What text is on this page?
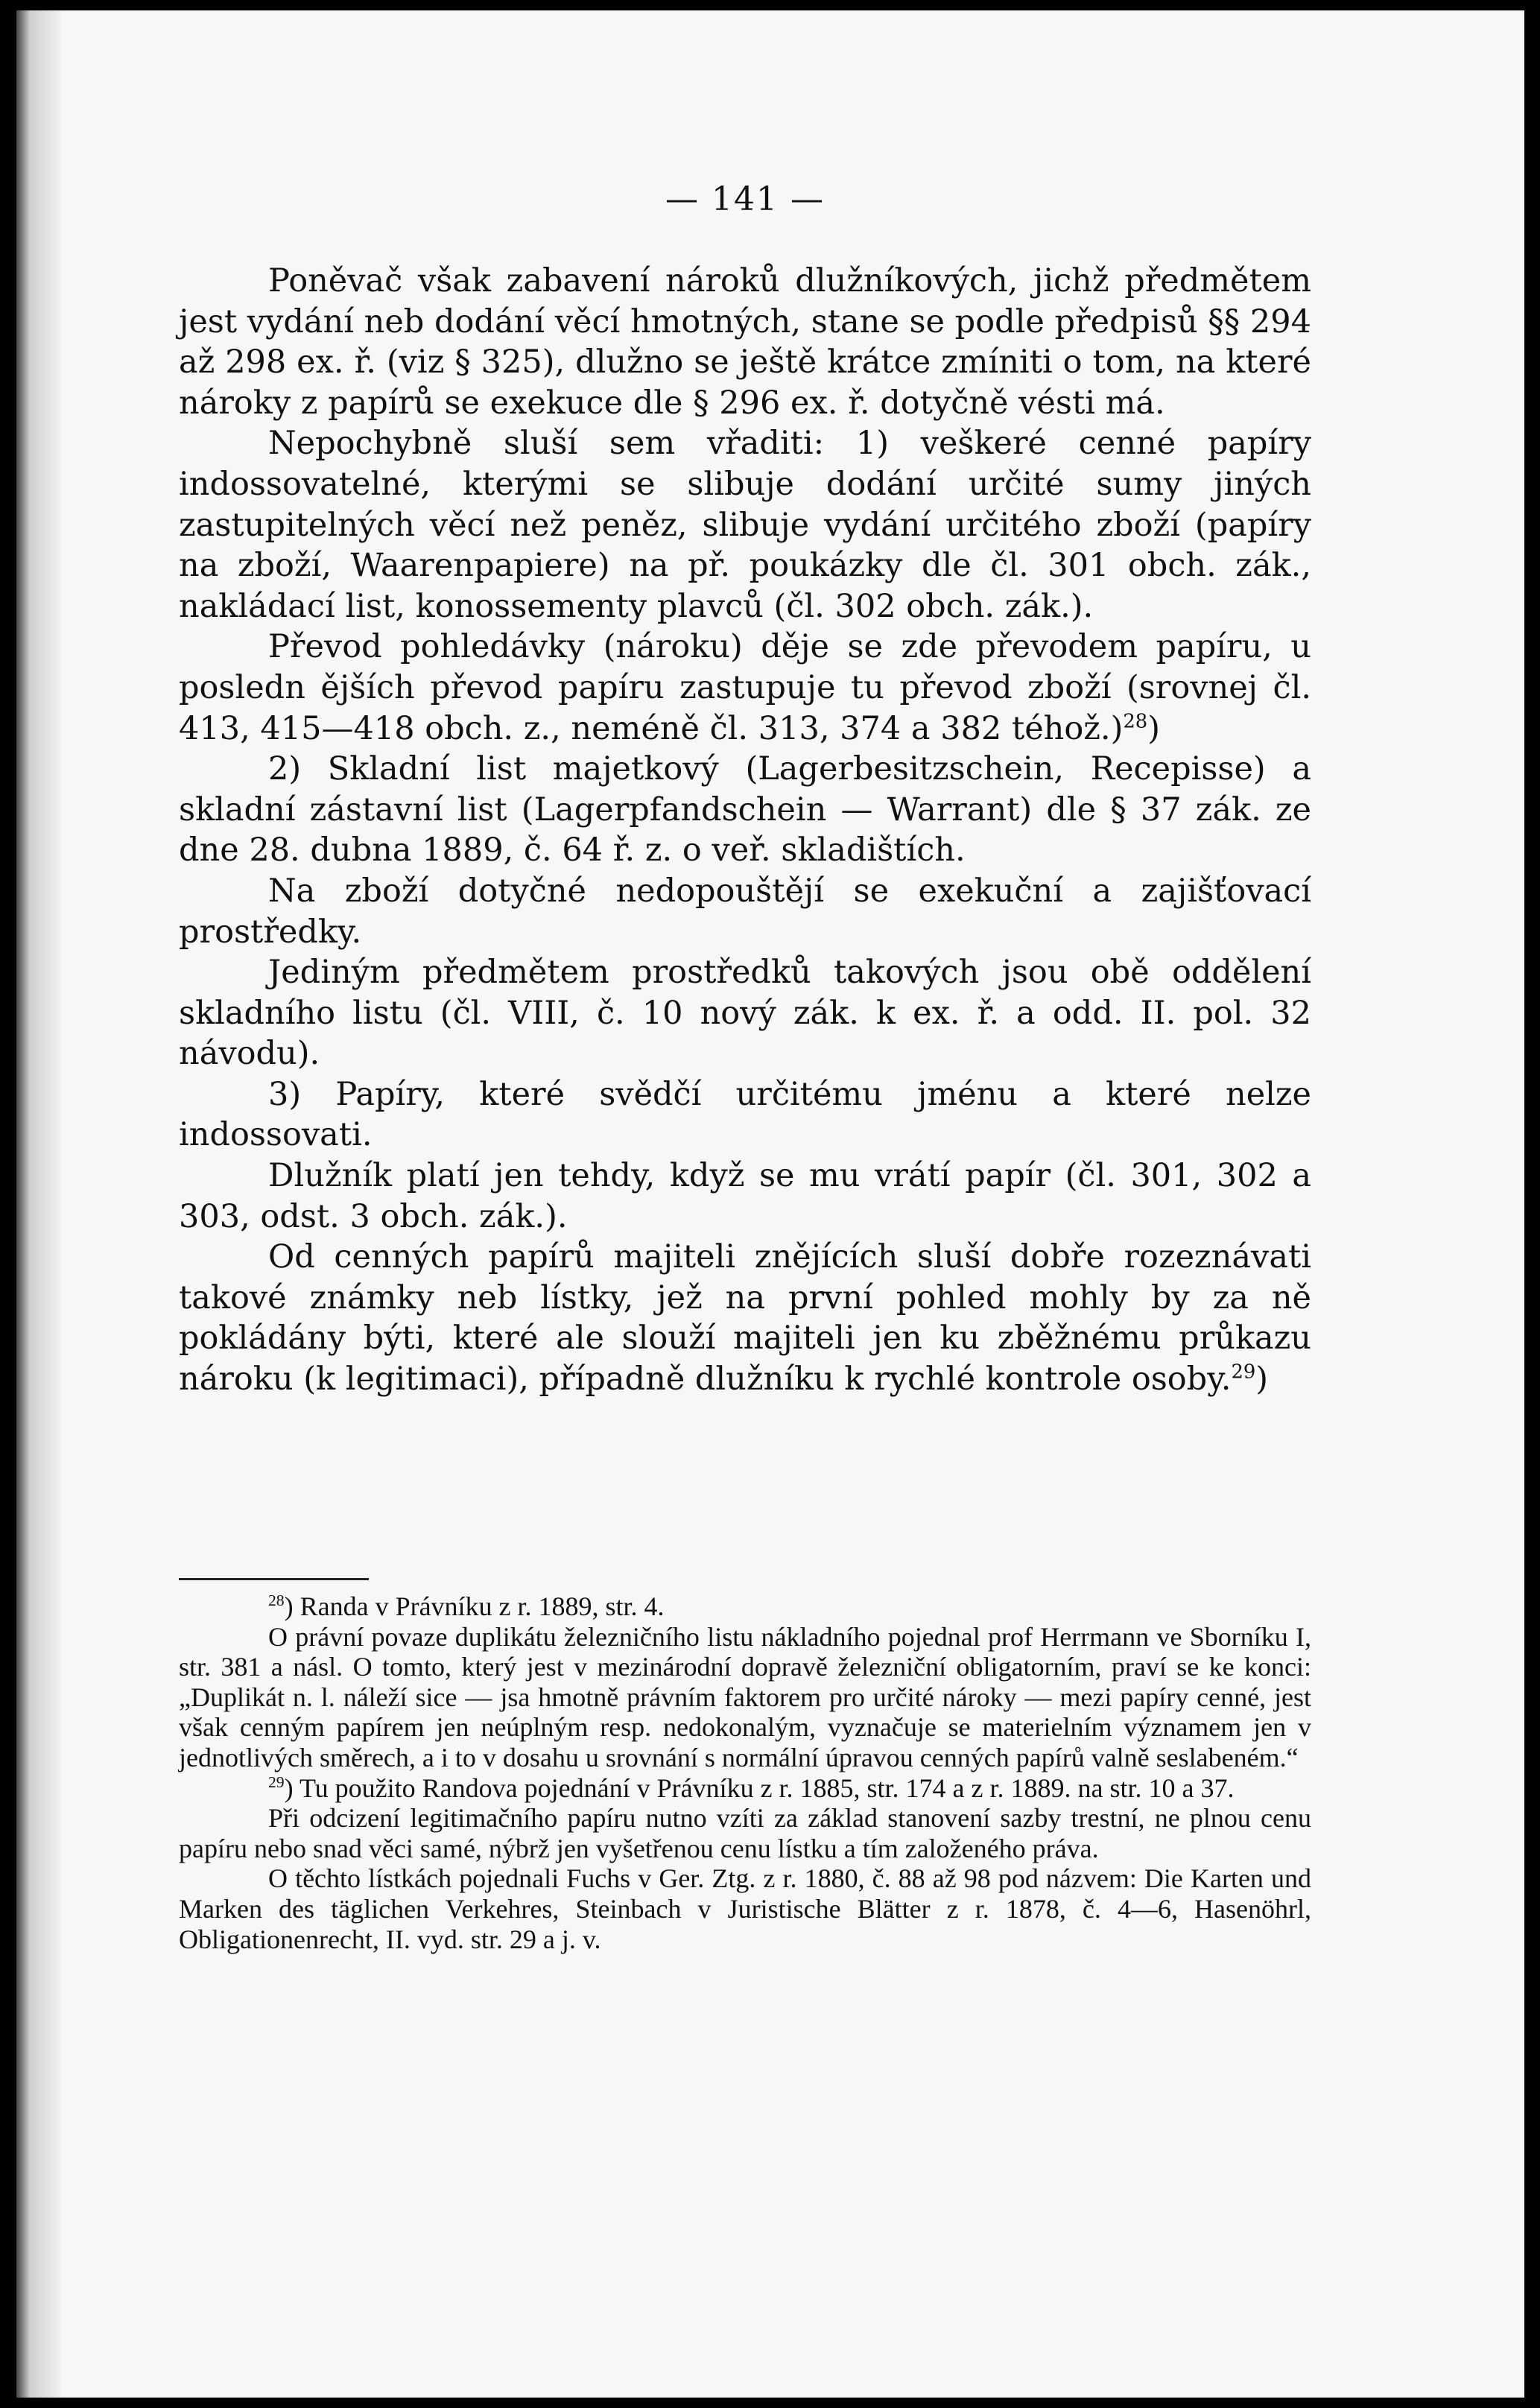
— 141 —

Poněvač však zabavení nároků dlužníkových, jichž předmětem jest vydání neb dodání věcí hmotných, stane se podle předpisů §§ 294 až 298 ex. ř. (viz § 325), dlužno se ještě krátce zmíniti o tom, na které nároky z papírů se exekuce dle § 296 ex. ř. dotyčně vésti má.

Nepochybně sluší sem vřaditi: 1) veškeré cenné papíry indossovatelné, kterými se slibuje dodání určité sumy jiných zastupitelných věcí než peněz, slibuje vydání určitého zboží (papíry na zboží, Waarenpapiere) na př. poukázky dle čl. 301 obch. zák., nakládací list, konossementy plavců (čl. 302 obch. zák.).

Převod pohledávky (nároku) děje se zde převodem papíru, u posledn ějších převod papíru zastupuje tu převod zboží (srovnej čl. 413, 415—418 obch. z., neméně čl. 313, 374 a 382 téhož.)$^{28}$)

2) Skladní list majetkový (Lagerbesitzschein, Recepisse) a skladní zástavní list (Lagerpfandschein — Warrant) dle § 37 zák. ze dne 28. dubna 1889, č. 64 ř. z. o veř. skladištích.

Na zboží dotyčné nedopouštějí se exekuční a zajišťovací prostředky.

Jediným předmětem prostředků takových jsou obě oddělení skladního listu (čl. VIII, č. 10 nový zák. k ex. ř. a odd. II. pol. 32 návodu).

3) Papíry, které svědčí určitému jménu a které nelze indossovati.

Dlužník platí jen tehdy, když se mu vrátí papír (čl. 301, 302 a 303, odst. 3 obch. zák.).

Od cenných papírů majiteli znějících sluší dobře rozeznávati takové známky neb lístky, jež na první pohled mohly by za ně pokládány býti, které ale slouží majiteli jen ku zběžnému průkazu nároku (k legitimaci), případně dlužníku k rychlé kontrole osoby.$^{29}$)

$^{28}$) Randa v Právníku z r. 1889, str. 4.

O právní povaze duplikátu železničního listu nákladního pojednal prof Herrmann ve Sborníku I, str. 381 a násl. O tomto, který jest v mezinárodní dopravě železniční obligatorním, praví se ke konci: „Duplikát n. l. náleží sice — jsa hmotně právním faktorem pro určité nároky — mezi papíry cenné, jest však cenným papírem jen neúplným resp. nedokonalým, vyznačuje se materielním významem jen v jednotlivých směrech, a i to v dosahu u srovnání s normální úpravou cenných papírů valně seslabeném.“

$^{29}$) Tu použito Randova pojednání v Právníku z r. 1885, str. 174 a z r. 1889. na str. 10 a 37.

Při odcizení legitimačního papíru nutno vzíti za základ stanovení sazby trestní, ne plnou cenu papíru nebo snad věci samé, nýbrž jen vyšetřenou cenu lístku a tím založeného práva.

O těchto lístkách pojednali Fuchs v Ger. Ztg. z r. 1880, č. 88 až 98 pod názvem: Die Karten und Marken des täglichen Verkehres, Steinbach v Juristische Blätter z r. 1878, č. 4—6, Hasenöhrl, Obligationenrecht, II. vyd. str. 29 a j. v.
